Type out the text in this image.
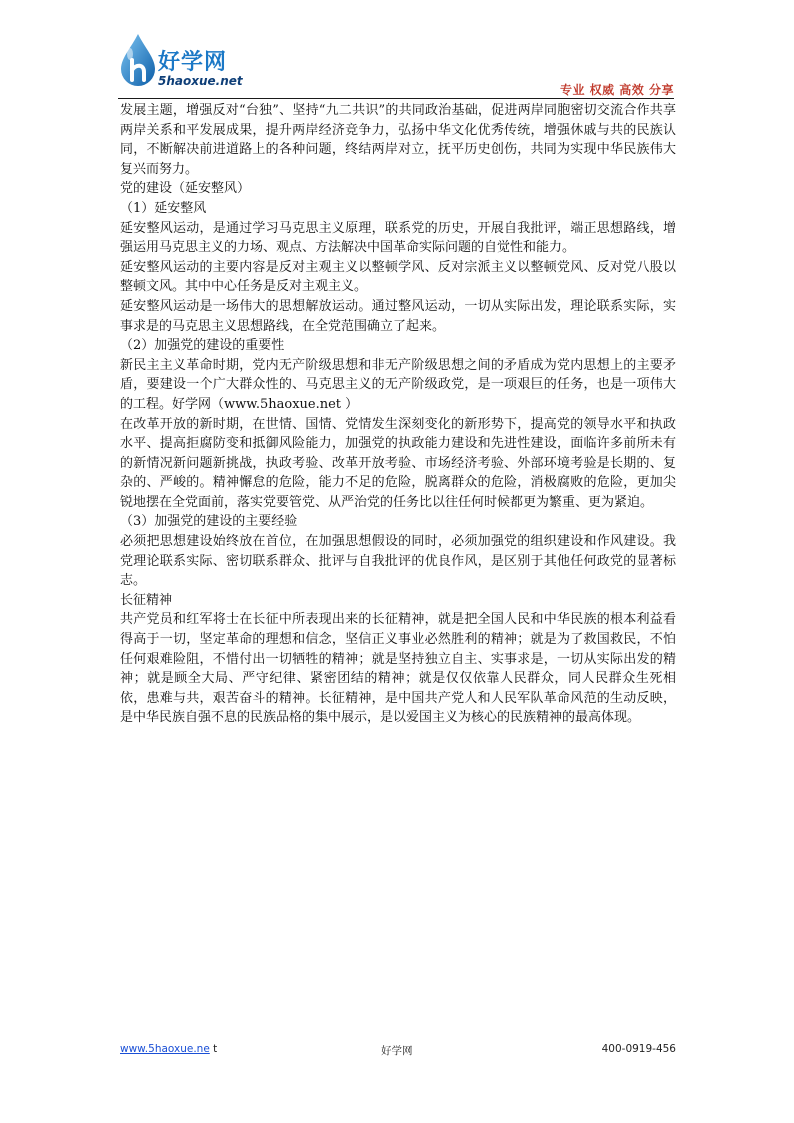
好学网
5haoxue.net
专业 权威 高效 分享

发展主题，增强反对“台独”、坚持“九二共识”的共同政治基础，促进两岸同胞密切交流合作共享两岸关系和平发展成果，提升两岸经济竞争力，弘扬中华文化优秀传统，增强休戚与共的民族认同，不断解决前进道路上的各种问题，终结两岸对立，抚平历史创伤，共同为实现中华民族伟大复兴而努力。

党的建设（延安整风）

（1）延安整风

延安整风运动，是通过学习马克思主义原理，联系党的历史，开展自我批评，端正思想路线，增强运用马克思主义的力场、观点、方法解决中国革命实际问题的自觉性和能力。

延安整风运动的主要内容是反对主观主义以整顿学风、反对宗派主义以整顿党风、反对党八股以整顿文风。其中中心任务是反对主观主义。

延安整风运动是一场伟大的思想解放运动。通过整风运动，一切从实际出发，理论联系实际，实事求是的马克思主义思想路线，在全党范围确立了起来。

（2）加强党的建设的重要性

新民主主义革命时期，党内无产阶级思想和非无产阶级思想之间的矛盾成为党内思想上的主要矛盾，要建设一个广大群众性的、马克思主义的无产阶级政党，是一项艰巨的任务，也是一项伟大的工程。好学网（www.5haoxue.net ）

在改革开放的新时期，在世情、国情、党情发生深刻变化的新形势下，提高党的领导水平和执政水平、提高拒腐防变和抵御风险能力，加强党的执政能力建设和先进性建设，面临许多前所未有的新情况新问题新挑战，执政考验、改革开放考验、市场经济考验、外部环境考验是长期的、复杂的、严峻的。精神懈怠的危险，能力不足的危险，脱离群众的危险，消极腐败的危险，更加尖锐地摆在全党面前，落实党要管党、从严治党的任务比以往任何时候都更为繁重、更为紧迫。

（3）加强党的建设的主要经验

必须把思想建设始终放在首位，在加强思想假设的同时，必须加强党的组织建设和作风建设。我党理论联系实际、密切联系群众、批评与自我批评的优良作风，是区别于其他任何政党的显著标志。

长征精神

共产党员和红军将士在长征中所表现出来的长征精神，就是把全国人民和中华民族的根本利益看得高于一切，坚定革命的理想和信念，坚信正义事业必然胜利的精神；就是为了救国救民，不怕任何艰难险阻，不惜付出一切牺牲的精神；就是坚持独立自主、实事求是，一切从实际出发的精神；就是顾全大局、严守纪律、紧密团结的精神；就是仅仅依靠人民群众，同人民群众生死相依，患难与共，艰苦奋斗的精神。长征精神，是中国共产党人和人民军队革命风范的生动反映，是中华民族自强不息的民族品格的集中展示，是以爱国主义为核心的民族精神的最高体现。

www.5haoxue.ne t	好学网	400-0919-456
